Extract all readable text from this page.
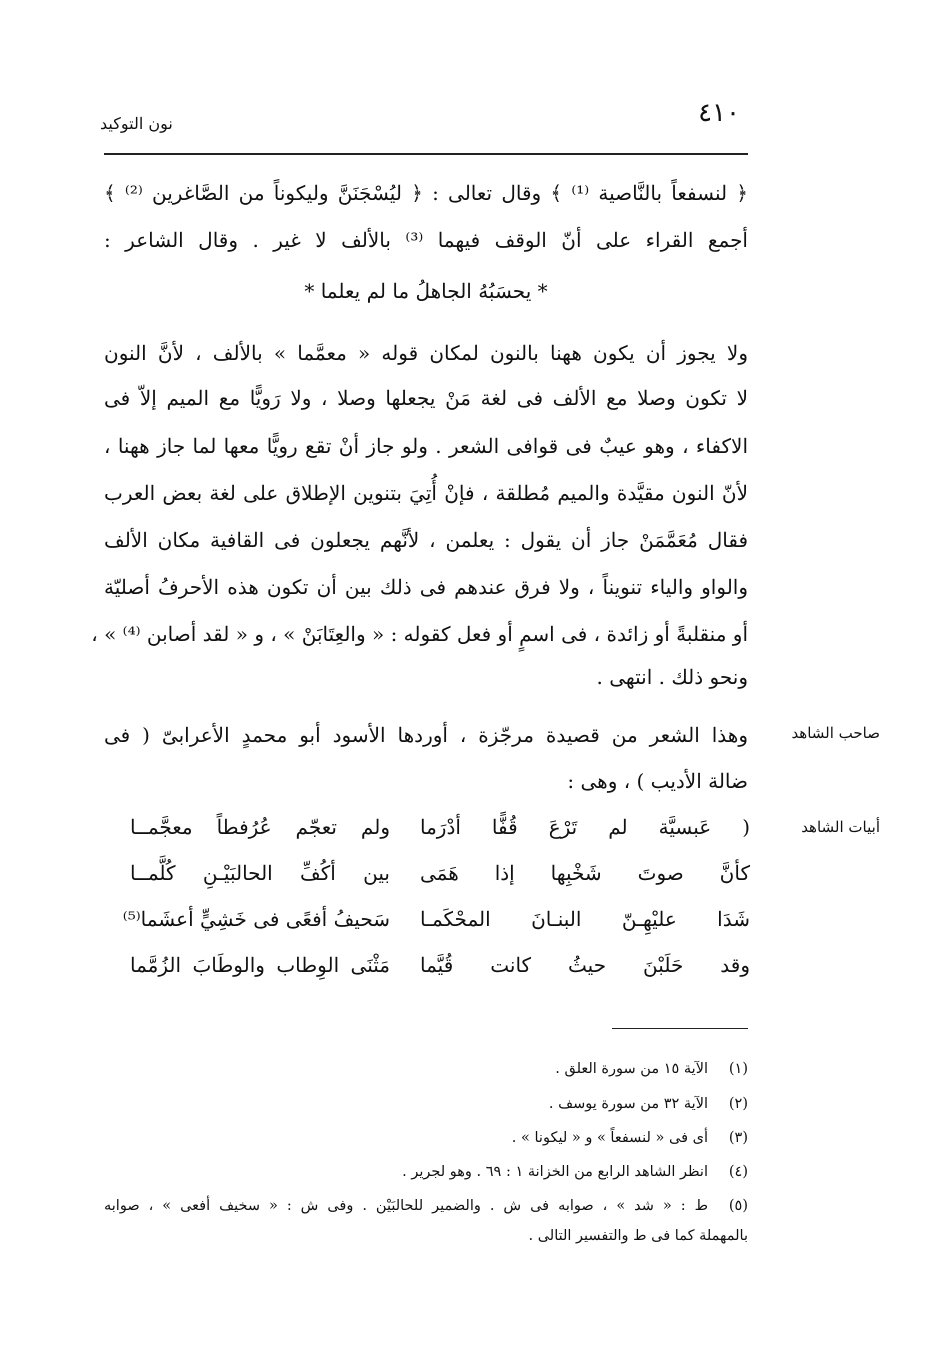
٤١٠
نون التوكيد
﴿ لنسفعاً بالنَّاصية ⁽¹⁾ ﴾ وقال تعالى : ﴿ ليُسْجَنَنَّ وليكوناً من الصَّاغرين ⁽²⁾ ﴾
أجمع القراء على أنّ الوقف فيهما ⁽³⁾ بالألف لا غير . وقال الشاعر :
* يحسَبُهُ الجاهلُ ما لم يعلما *
ولا يجوز أن يكون ههنا بالنون لمكان قوله « معمَّما » بالألف ، لأنَّ النون
لا تكون وصلا مع الألف فى لغة مَنْ يجعلها وصلا ، ولا رَويًّا مع الميم إلاّ فى
الاكفاء ، وهو عيبٌ فى قوافى الشعر . ولو جاز أنْ تقع رويًّا معها لما جاز ههنا ،
لأنّ النون مقيَّدة والميم مُطلقة ، فإنْ أُتِيَ بتنوين الإطلاق على لغة بعض العرب
فقال مُعَمَّمَنْ جاز أن يقول : يعلمن ، لأنَّهم يجعلون فى القافية مكان الألف
والواو والياء تنويناً ، ولا فرق عندهم فى ذلك بين أن تكون هذه الأحرفُ أصليّة
أو منقلبةً أو زائدة ، فى اسمٍ أو فعل كقوله : « والعِتَابَنْ » ، و « لقد أصابن ⁽⁴⁾ » ،
ونحو ذلك . انتهى .
صاحب الشاهد
وهذا الشعر من قصيدة مرجّزة ، أوردها الأسود أبو محمدٍ الأعرابىّ ( فى
ضالة الأديب ) ، وهى :
أبيات الشاهد
( عَبسيَّة لم تَرْعَ قُفًّا أدْرَما
ولم تعجّم عُرُفطاً معجَّمــا
كأنَّ صوتَ شَخْبِها إذا هَمَى
بين أكُفِّ الحالبَيْـنِ كُلَّمــا
شَدَا عليْهِـنّ البنـانَ المحْكَمـا
سَحيفُ أفعًى فى خَشِيٍّ أعشَما⁽⁵⁾
وقد حَلَبْنَ حيثُ كانت قُيَّما
مَثْنَى الوِطاب والوطَابَ الزُمَّما
(١)
الآية ١٥ من سورة العلق .
(٢)
الآية ٣٢ من سورة يوسف .
(٣)
أى فى « لنسفعاً » و « ليكونا » .
(٤)
انظر الشاهد الرابع من الخزانة ١ : ٦٩ . وهو لجرير .
(٥)
ط : « شد » ، صوابه فى ش . والضمير للحالبَيْن . وفى ش : « سخيف أفعى » ، صوابه
بالمهملة كما فى ط والتفسير التالى .
